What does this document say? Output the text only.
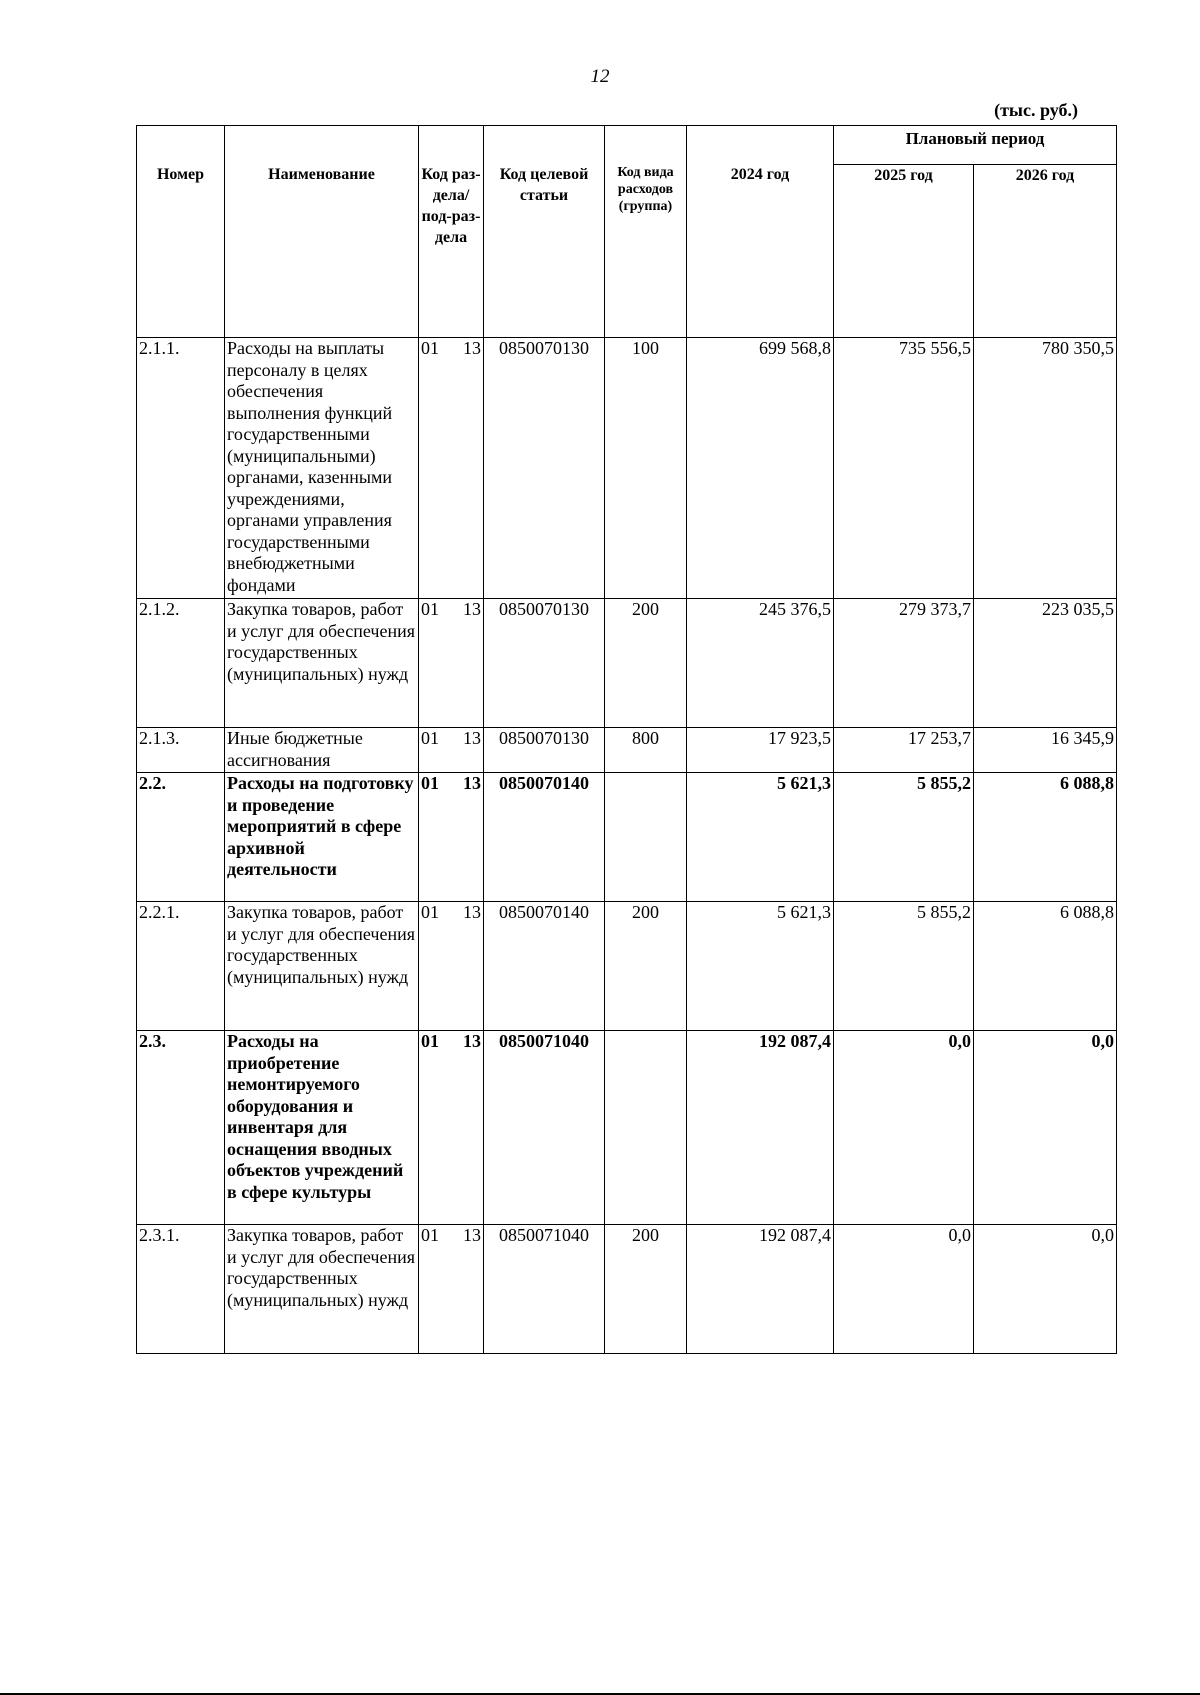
12
(тыс. руб.)
Номер	Наименование	Код раз-дела/ под-раз-дела	Код целевой статьи	Код вида расходов (группа)	2024 год	Плановый период	
						2025 год	2026 год
2.1.1.	Расходы на выплаты персоналу в целях обеспечения выполнения функций государственными (муниципальными) органами, казенными учреждениями, органами управления государственными внебюджетными фондами	01 13	0850070130	100	699 568,8	735 556,5	780 350,5
2.1.2.	Закупка товаров, работ и услуг для обеспечения государственных (муниципальных) нужд	01 13	0850070130	200	245 376,5	279 373,7	223 035,5
2.1.3.	Иные бюджетные ассигнования	01 13	0850070130	800	17 923,5	17 253,7	16 345,9
2.2.	Расходы на подготовку и проведение мероприятий в сфере архивной деятельности	01 13	0850070140		5 621,3	5 855,2	6 088,8
2.2.1.	Закупка товаров, работ и услуг для обеспечения государственных (муниципальных) нужд	01 13	0850070140	200	5 621,3	5 855,2	6 088,8
2.3.	Расходы на приобретение немонтируемого оборудования и инвентаря для оснащения вводных объектов учреждений в сфере культуры	01 13	0850071040		192 087,4	0,0	0,0
2.3.1.	Закупка товаров, работ и услуг для обеспечения государственных (муниципальных) нужд	01 13	0850071040	200	192 087,4	0,0	0,0
